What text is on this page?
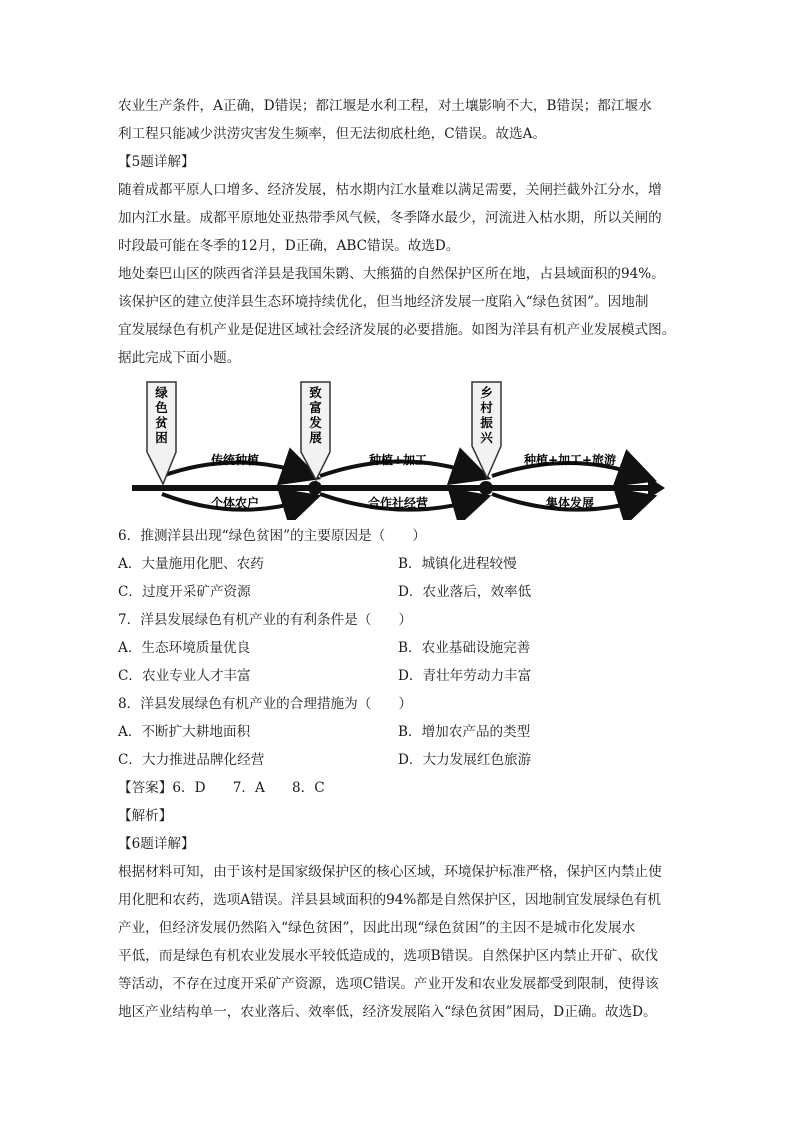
农业生产条件，A正确，D错误；都江堰是水利工程，对土壤影响不大，B错误；都江堰水

利工程只能减少洪涝灾害发生频率，但无法彻底杜绝，C错误。故选A。

【5题详解】

随着成都平原人口增多、经济发展，枯水期内江水量难以满足需要，关闸拦截外江分水，增

加内江水量。成都平原地处亚热带季风气候，冬季降水最少，河流进入枯水期，所以关闸的

时段最可能在冬季的12月，D正确，ABC错误。故选D。

地处秦巴山区的陕西省洋县是我国朱鹮、大熊猫的自然保护区所在地，占县域面积的94%。

该保护区的建立使洋县生态环境持续优化，但当地经济发展一度陷入“绿色贫困”。因地制

宜发展绿色有机产业是促进区域社会经济发展的必要措施。如图为洋县有机产业发展模式图。

据此完成下面小题。

绿色贫困
致富发展
乡村振兴
传统种植	种植+加工	种植+加工+旅游
个体农户	合作社经营	集体发展

6．推测洋县出现“绿色贫困”的主要原因是（　　）

A．大量施用化肥、农药	B．城镇化进程较慢
C．过度开采矿产资源	D．农业落后，效率低

7．洋县发展绿色有机产业的有利条件是（　　）

A．生态环境质量优良	B．农业基础设施完善
C．农业专业人才丰富	D．青壮年劳动力丰富

8．洋县发展绿色有机产业的合理措施为（　　）

A．不断扩大耕地面积	B．增加农产品的类型
C．大力推进品牌化经营	D．大力发展红色旅游

【答案】6．D　　7．A　　8．C

【解析】

【6题详解】

根据材料可知，由于该村是国家级保护区的核心区域，环境保护标准严格，保护区内禁止使

用化肥和农药，选项A错误。洋县县域面积的94%都是自然保护区，因地制宜发展绿色有机

产业，但经济发展仍然陷入“绿色贫困”，因此出现“绿色贫困”的主因不是城市化发展水

平低，而是绿色有机农业发展水平较低造成的，选项B错误。自然保护区内禁止开矿、砍伐

等活动，不存在过度开采矿产资源，选项C错误。产业开发和农业发展都受到限制，使得该

地区产业结构单一，农业落后、效率低，经济发展陷入“绿色贫困”困局，D正确。故选D。
